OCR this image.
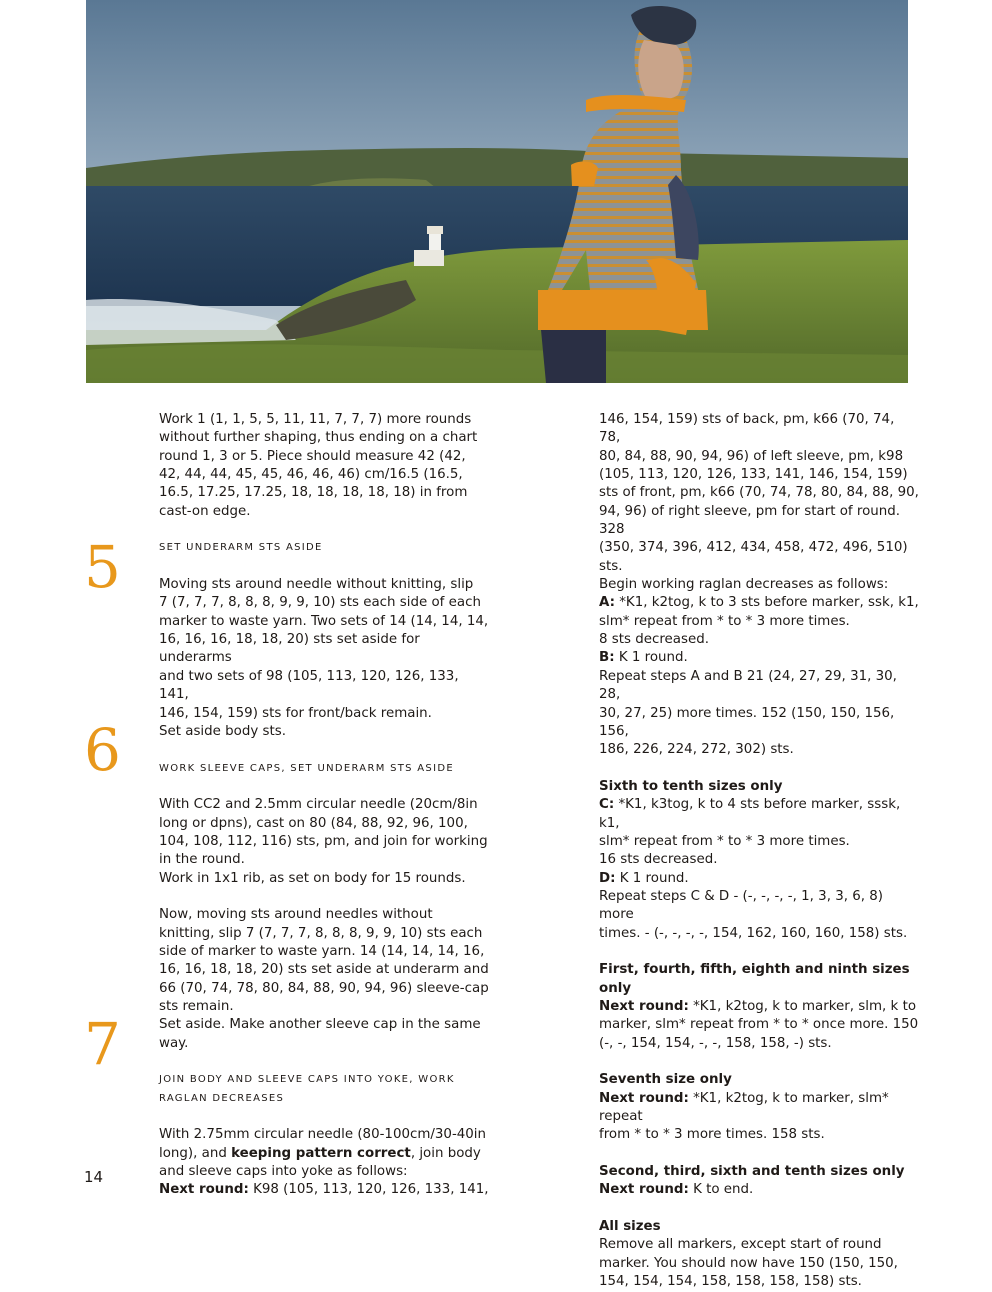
Work 1 (1, 1, 5, 5, 11, 11, 7, 7, 7) more rounds

without further shaping, thus ending on a chart

round 1, 3 or 5. Piece should measure 42 (42,

42, 44, 44, 45, 45, 46, 46, 46) cm/16.5 (16.5,

16.5, 17.25, 17.25, 18, 18, 18, 18, 18) in from

cast-on edge.

SET UNDERARM STS ASIDE

Moving sts around needle without knitting, slip

7 (7, 7, 7, 8, 8, 8, 9, 9, 10) sts each side of each

marker to waste yarn. Two sets of 14 (14, 14, 14,

16, 16, 16, 18, 18, 20) sts set aside for underarms

and two sets of 98 (105, 113, 120, 126, 133, 141,

146, 154, 159) sts for front/back remain.

Set aside body sts.

WORK SLEEVE CAPS, SET UNDERARM STS ASIDE

With CC2 and 2.5mm circular needle (20cm/8in

long or dpns), cast on 80 (84, 88, 92, 96, 100,

104, 108, 112, 116) sts, pm, and join for working

in the round.

Work in 1x1 rib, as set on body for 15 rounds.

Now, moving sts around needles without

knitting, slip 7 (7, 7, 7, 8, 8, 8, 9, 9, 10) sts each

side of marker to waste yarn. 14 (14, 14, 14, 16,

16, 16, 18, 18, 20) sts set aside at underarm and

66 (70, 74, 78, 80, 84, 88, 90, 94, 96) sleeve-cap

sts remain.

Set aside. Make another sleeve cap in the same way.

JOIN BODY AND SLEEVE CAPS INTO YOKE, WORK

RAGLAN DECREASES

With 2.75mm circular needle (80-100cm/30-40in

long), and keeping pattern correct, join body

and sleeve caps into yoke as follows:

Next round: K98 (105, 113, 120, 126, 133, 141,

5
6
7

146, 154, 159) sts of back, pm, k66 (70, 74, 78,

80, 84, 88, 90, 94, 96) of left sleeve, pm, k98

(105, 113, 120, 126, 133, 141, 146, 154, 159)

sts of front, pm, k66 (70, 74, 78, 80, 84, 88, 90,

94, 96) of right sleeve, pm for start of round. 328

(350, 374, 396, 412, 434, 458, 472, 496, 510) sts.

Begin working raglan decreases as follows:

A: *K1, k2tog, k to 3 sts before marker, ssk, k1,

slm* repeat from * to * 3 more times.

8 sts decreased.

B: K 1 round.

Repeat steps A and B 21 (24, 27, 29, 31, 30, 28,

30, 27, 25) more times. 152 (150, 150, 156, 156,

186, 226, 224, 272, 302) sts.

Sixth to tenth sizes only

C: *K1, k3tog, k to 4 sts before marker, sssk, k1,

slm* repeat from * to * 3 more times.

16 sts decreased.

D: K 1 round.

Repeat steps C & D - (-, -, -, -, 1, 3, 3, 6, 8) more

times. - (-, -, -, -, 154, 162, 160, 160, 158) sts.

First, fourth, fifth, eighth and ninth sizes only

Next round: *K1, k2tog, k to marker, slm, k to

marker, slm* repeat from * to * once more. 150

(-, -, 154, 154, -, -, 158, 158, -) sts.

Seventh size only

Next round: *K1, k2tog, k to marker, slm* repeat

from * to * 3 more times. 158 sts.

Second, third, sixth and tenth sizes only

Next round: K to end.

All sizes

Remove all markers, except start of round

marker. You should now have 150 (150, 150,

154, 154, 154, 158, 158, 158, 158) sts.

14
